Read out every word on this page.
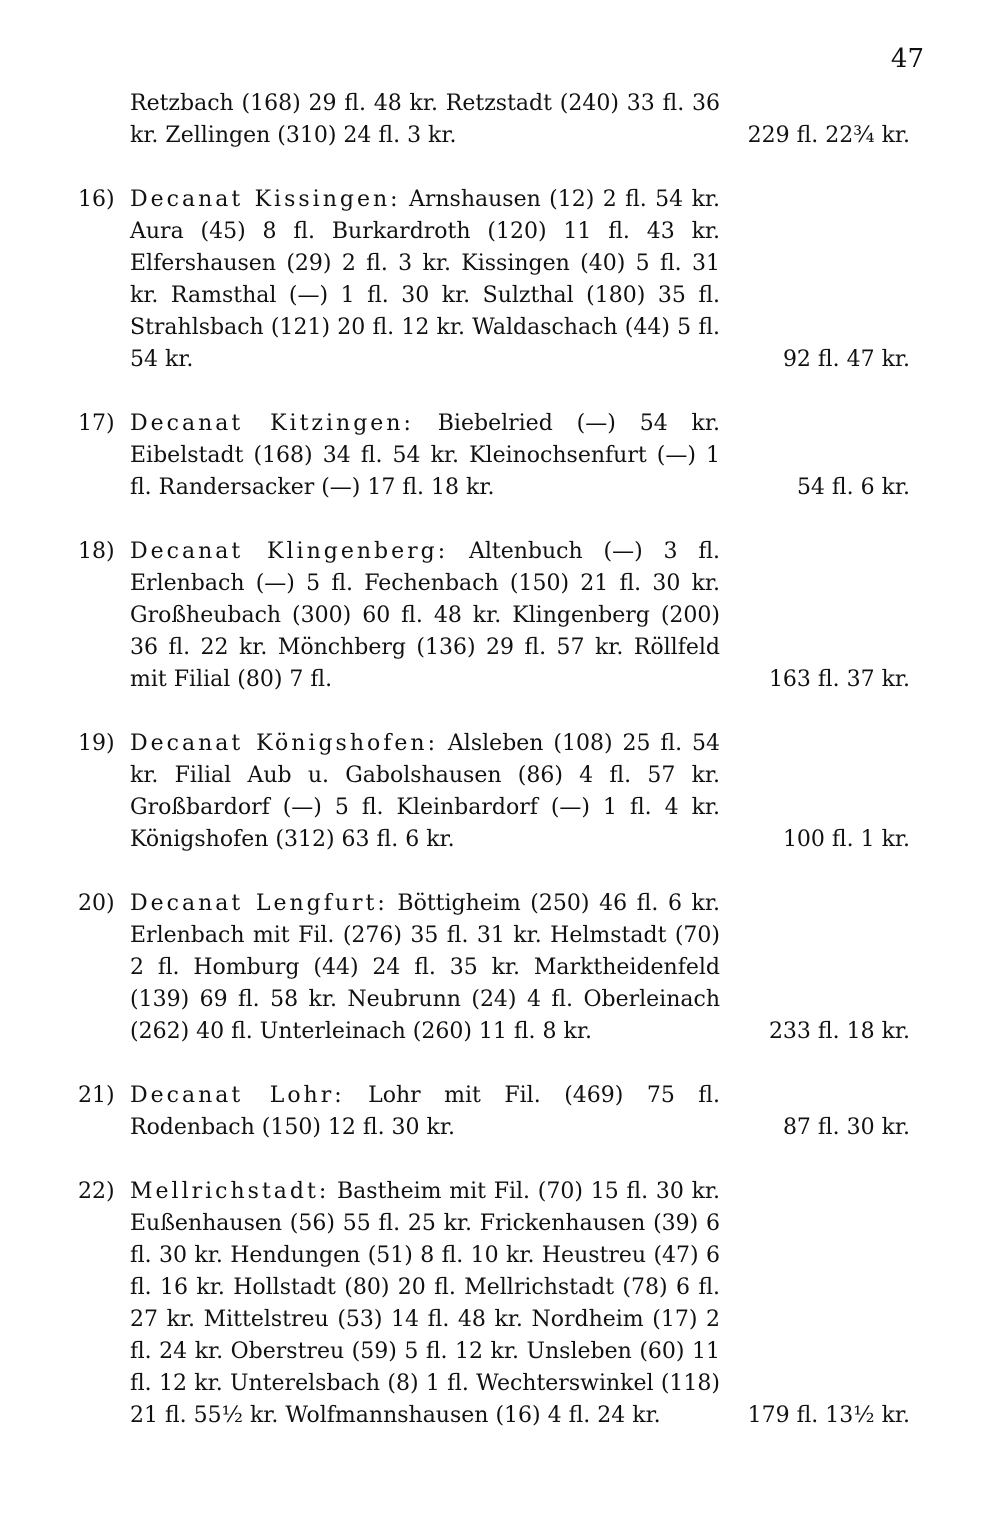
47
Retzbach (168) 29 fl. 48 kr. Retzstadt (240) 33 fl. 36 kr. Zellingen (310) 24 fl. 3 kr.	229 fl. 22¾ kr.
16) Decanat Kissingen: Arnshausen (12) 2 fl. 54 kr. Aura (45) 8 fl. Burkardroth (120) 11 fl. 43 kr. Elfershausen (29) 2 fl. 3 kr. Kissingen (40) 5 fl. 31 kr. Ramsthal (—) 1 fl. 30 kr. Sulzthal (180) 35 fl. Strahlsbach (121) 20 fl. 12 kr. Waldaschach (44) 5 fl. 54 kr.	92 fl. 47 kr.
17) Decanat Kitzingen: Biebelried (—) 54 kr. Eibelstadt (168) 34 fl. 54 kr. Kleinochsenfurt (—) 1 fl. Randersacker (—) 17 fl. 18 kr.	54 fl. 6 kr.
18) Decanat Klingenberg: Altenbuch (—) 3 fl. Erlenbach (—) 5 fl. Fechenbach (150) 21 fl. 30 kr. Großheubach (300) 60 fl. 48 kr. Klingenberg (200) 36 fl. 22 kr. Mönchberg (136) 29 fl. 57 kr. Röllfeld mit Filial (80) 7 fl.	163 fl. 37 kr.
19) Decanat Königshofen: Alsleben (108) 25 fl. 54 kr. Filial Aub u. Gabolshausen (86) 4 fl. 57 kr. Großbardorf (—) 5 fl. Kleinbardorf (—) 1 fl. 4 kr. Königshofen (312) 63 fl. 6 kr.	100 fl. 1 kr.
20) Decanat Lengfurt: Böttigheim (250) 46 fl. 6 kr. Erlenbach mit Fil. (276) 35 fl. 31 kr. Helmstadt (70) 2 fl. Homburg (44) 24 fl. 35 kr. Marktheidenfeld (139) 69 fl. 58 kr. Neubrunn (24) 4 fl. Oberleinach (262) 40 fl. Unterleinach (260) 11 fl. 8 kr.	233 fl. 18 kr.
21) Decanat Lohr: Lohr mit Fil. (469) 75 fl. Rodenbach (150) 12 fl. 30 kr.	87 fl. 30 kr.
22) Mellrichstadt: Bastheim mit Fil. (70) 15 fl. 30 kr. Eußenhausen (56) 55 fl. 25 kr. Frickenhausen (39) 6 fl. 30 kr. Hendungen (51) 8 fl. 10 kr. Heustreu (47) 6 fl. 16 kr. Hollstadt (80) 20 fl. Mellrichstadt (78) 6 fl. 27 kr. Mittelstreu (53) 14 fl. 48 kr. Nordheim (17) 2 fl. 24 kr. Oberstreu (59) 5 fl. 12 kr. Unsleben (60) 11 fl. 12 kr. Unterelsbach (8) 1 fl. Wechterswinkel (118) 21 fl. 55½ kr. Wolfmannshausen (16) 4 fl. 24 kr.	179 fl. 13½ kr.
